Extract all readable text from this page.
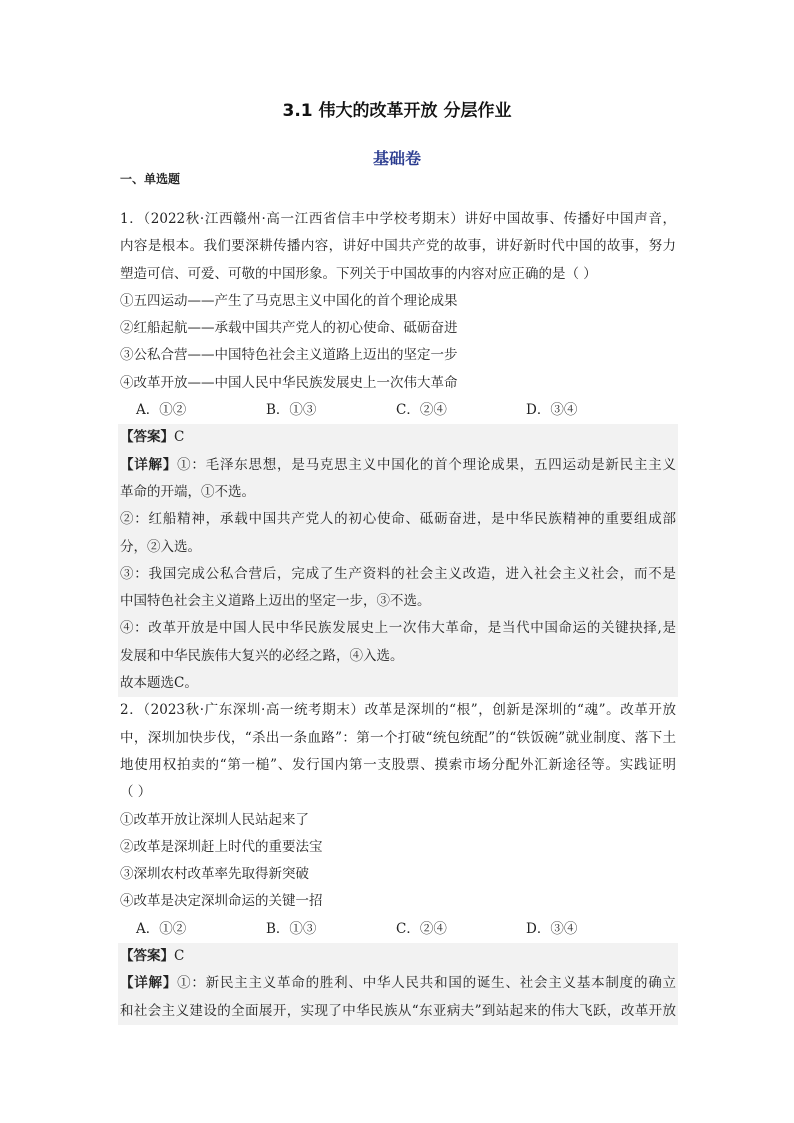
3.1 伟大的改革开放 分层作业
基础卷
一、单选题
1．（2022秋·江西赣州·高一江西省信丰中学校考期末）讲好中国故事、传播好中国声音，
内容是根本。我们要深耕传播内容，讲好中国共产党的故事，讲好新时代中国的故事，努力
塑造可信、可爱、可敬的中国形象。下列关于中国故事的内容对应正确的是（ ）
①五四运动——产生了马克思主义中国化的首个理论成果
②红船起航——承载中国共产党人的初心使命、砥砺奋进
③公私合营——中国特色社会主义道路上迈出的坚定一步
④改革开放——中国人民中华民族发展史上一次伟大革命
A．①②	B．①③	C．②④	D．③④
【答案】C
【详解】①：毛泽东思想，是马克思主义中国化的首个理论成果，五四运动是新民主主义
革命的开端，①不选。
②：红船精神，承载中国共产党人的初心使命、砥砺奋进，是中华民族精神的重要组成部
分，②入选。
③：我国完成公私合营后，完成了生产资料的社会主义改造，进入社会主义社会，而不是
中国特色社会主义道路上迈出的坚定一步，③不选。
④：改革开放是中国人民中华民族发展史上一次伟大革命，是当代中国命运的关键抉择,是
发展和中华民族伟大复兴的必经之路，④入选。
故本题选C。
2．（2023秋·广东深圳·高一统考期末）改革是深圳的“根”，创新是深圳的“魂”。改革开放
中，深圳加快步伐，“杀出一条血路”：第一个打破“统包统配”的“铁饭碗”就业制度、落下土
地使用权拍卖的“第一槌”、发行国内第一支股票、摸索市场分配外汇新途径等。实践证明
（ ）
①改革开放让深圳人民站起来了
②改革是深圳赶上时代的重要法宝
③深圳农村改革率先取得新突破
④改革是决定深圳命运的关键一招
A．①②	B．①③	C．②④	D．③④
【答案】C
【详解】①：新民主主义革命的胜利、中华人民共和国的诞生、社会主义基本制度的确立
和社会主义建设的全面展开，实现了中华民族从“东亚病夫”到站起来的伟大飞跃，改革开放
